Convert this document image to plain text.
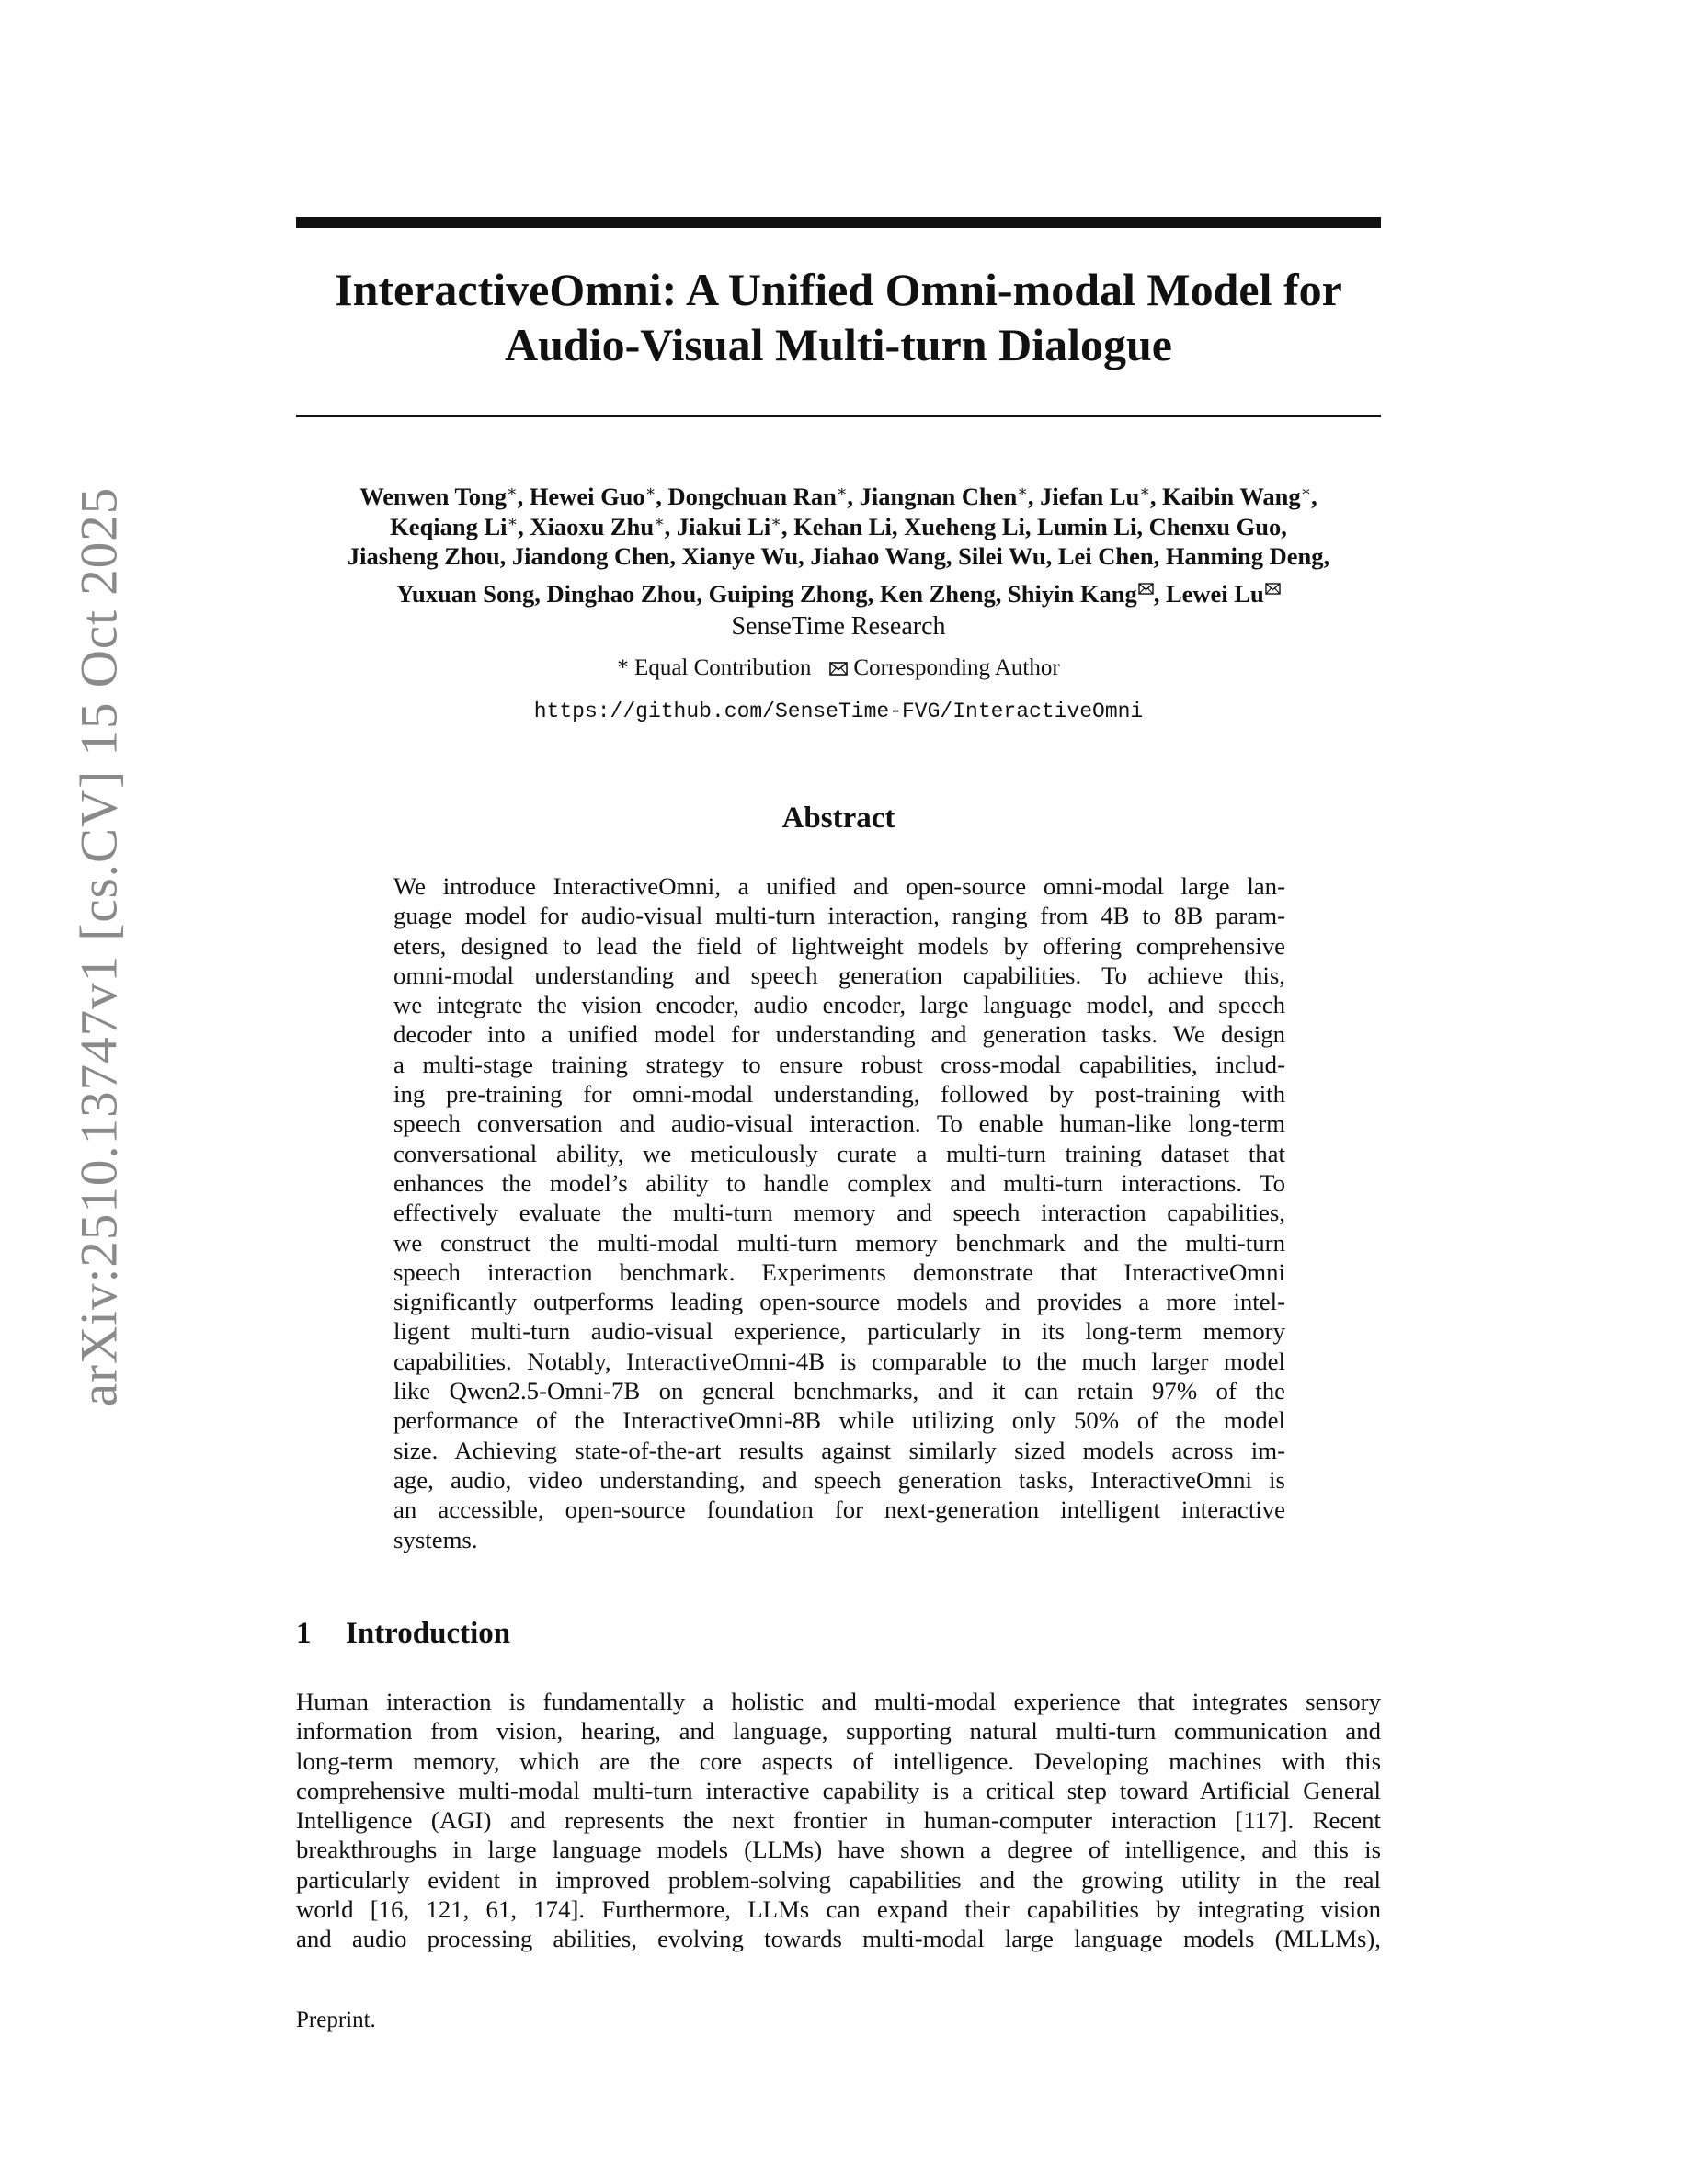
arXiv:2510.13747v1 [cs.CV] 15 Oct 2025
InteractiveOmni: A Unified Omni-modal Model for
Audio-Visual Multi-turn Dialogue
Wenwen Tong∗, Hewei Guo∗, Dongchuan Ran∗, Jiangnan Chen∗, Jiefan Lu∗, Kaibin Wang∗,
Keqiang Li∗, Xiaoxu Zhu∗, Jiakui Li∗, Kehan Li, Xueheng Li, Lumin Li, Chenxu Guo,
Jiasheng Zhou, Jiandong Chen, Xianye Wu, Jiahao Wang, Silei Wu, Lei Chen, Hanming Deng,
Yuxuan Song, Dinghao Zhou, Guiping Zhong, Ken Zheng, Shiyin Kang , Lewei Lu
SenseTime Research
* Equal Contribution Corresponding Author
https://github.com/SenseTime-FVG/InteractiveOmni
Abstract
We introduce InteractiveOmni, a unified and open-source omni-modal large lan-
guage model for audio-visual multi-turn interaction, ranging from 4B to 8B param-
eters, designed to lead the field of lightweight models by offering comprehensive
omni-modal understanding and speech generation capabilities. To achieve this,
we integrate the vision encoder, audio encoder, large language model, and speech
decoder into a unified model for understanding and generation tasks. We design
a multi-stage training strategy to ensure robust cross-modal capabilities, includ-
ing pre-training for omni-modal understanding, followed by post-training with
speech conversation and audio-visual interaction. To enable human-like long-term
conversational ability, we meticulously curate a multi-turn training dataset that
enhances the model’s ability to handle complex and multi-turn interactions. To
effectively evaluate the multi-turn memory and speech interaction capabilities,
we construct the multi-modal multi-turn memory benchmark and the multi-turn
speech interaction benchmark. Experiments demonstrate that InteractiveOmni
significantly outperforms leading open-source models and provides a more intel-
ligent multi-turn audio-visual experience, particularly in its long-term memory
capabilities. Notably, InteractiveOmni-4B is comparable to the much larger model
like Qwen2.5-Omni-7B on general benchmarks, and it can retain 97% of the
performance of the InteractiveOmni-8B while utilizing only 50% of the model
size. Achieving state-of-the-art results against similarly sized models across im-
age, audio, video understanding, and speech generation tasks, InteractiveOmni is
an accessible, open-source foundation for next-generation intelligent interactive
systems.
1 Introduction
Human interaction is fundamentally a holistic and multi-modal experience that integrates sensory
information from vision, hearing, and language, supporting natural multi-turn communication and
long-term memory, which are the core aspects of intelligence. Developing machines with this
comprehensive multi-modal multi-turn interactive capability is a critical step toward Artificial General
Intelligence (AGI) and represents the next frontier in human-computer interaction [117]. Recent
breakthroughs in large language models (LLMs) have shown a degree of intelligence, and this is
particularly evident in improved problem-solving capabilities and the growing utility in the real
world [16, 121, 61, 174]. Furthermore, LLMs can expand their capabilities by integrating vision
and audio processing abilities, evolving towards multi-modal large language models (MLLMs),
Preprint.
